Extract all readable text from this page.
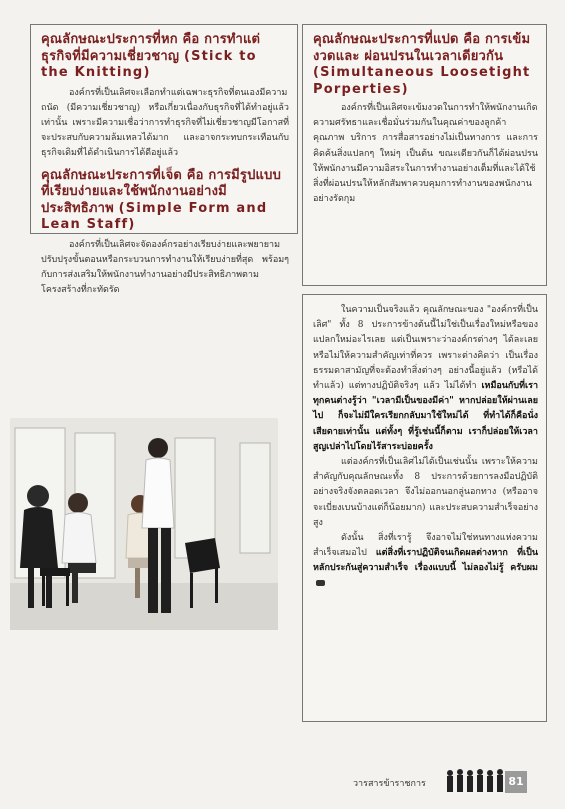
คุณลักษณะประการที่หก คือ การทำแต่ธุรกิจที่มีความเชี่ยวชาญ (Stick to the Knitting)

องค์กรที่เป็นเลิศจะเลือกทำแต่เฉพาะธุรกิจที่ตนเองมีความถนัด (มีความเชี่ยวชาญ) หรือเกี่ยวเนื่องกับธุรกิจที่ได้ทำอยู่แล้วเท่านั้น เพราะมีความเชื่อว่าการทำธุรกิจที่ไม่เชี่ยวชาญมีโอกาสที่จะประสบกับความล้มเหลวได้มาก และอาจกระทบกระเทือนกับธุรกิจเดิมที่ได้ดำเนินการได้ดีอยู่แล้ว

คุณลักษณะประการที่เจ็ด คือ การมีรูปแบบที่เรียบง่ายและใช้พนักงานอย่างมีประสิทธิภาพ (Simple Form and Lean Staff)

องค์กรที่เป็นเลิศจะจัดองค์กรอย่างเรียบง่ายและพยายามปรับปรุงขั้นตอนหรือกระบวนการทำงานให้เรียบง่ายที่สุด พร้อมๆ กับการส่งเสริมให้พนักงานทำงานอย่างมีประสิทธิภาพตามโครงสร้างที่กะทัดรัด

คุณลักษณะประการที่แปด คือ การเข้มงวดและ ผ่อนปรนในเวลาเดียวกัน (Simultaneous Loosetight Porperties)

องค์กรที่เป็นเลิศจะเข้มงวดในการทำให้พนักงานเกิดความศรัทธาและเชื่อมั่นร่วมกันในคุณค่าของลูกค้า คุณภาพ บริการ การสื่อสารอย่างไม่เป็นทางการ และการคิดค้นสิ่งแปลกๆ ใหม่ๆ เป็นต้น ขณะเดียวกันก็ได้ผ่อนปรนให้พนักงานมีความอิสระในการทำงานอย่างเต็มที่และได้ใช้สิ่งที่ผ่อนปรนให้หลักสัมพาควบคุมการทำงานของพนักงานอย่างรัดกุม

ในความเป็นจริงแล้ว คุณลักษณะของ "องค์กรที่เป็นเลิศ" ทั้ง 8 ประการข้างต้นนี้ไม่ใช่เป็นเรื่องใหม่หรือของแปลกใหม่อะไรเลย แต่เป็นเพราะว่าองค์กรต่างๆ ได้ละเลยหรือไม่ให้ความสำคัญเท่าที่ควร เพราะต่างคิดว่า เป็นเรื่องธรรมดาสามัญที่จะต้องทำสิ่งต่างๆ อย่างนี้อยู่แล้ว (หรือได้ทำแล้ว) แต่ทางปฏิบัติจริงๆ แล้ว ไม่ได้ทำ เหมือนกับที่เราทุกคนต่างรู้ว่า "เวลามีเป็นของมีค่า" หากปล่อยให้ผ่านเลยไป ก็จะไม่มีใครเรียกกลับมาใช้ใหม่ได้ ที่ทำได้ก็คือนั่งเสียดายเท่านั้น แต่ทั้งๆ ที่รู้เช่นนี้ก็ตาม เราก็ปล่อยให้เวลาสูญเปล่าไปโดยไร้สาระบ่อยครั้ง

แต่องค์กรที่เป็นเลิศไม่ได้เป็นเช่นนั้น เพราะให้ความสำคัญกับคุณลักษณะทั้ง 8 ประการด้วยการลงมือปฏิบัติอย่างจริงจังตลอดเวลา จึงไม่ออกนอกลู่นอกทาง (หรืออาจจะเบี่ยงเบนบ้างแต่ก็น้อยมาก) และประสบความสำเร็จอย่างสูง

ดังนั้น สิ่งที่เรารู้ จึงอาจไม่ใช่หนทางแห่งความสำเร็จเสมอไป แต่สิ่งที่เราปฏิบัติจนเกิดผลต่างหาก ที่เป็นหลักประกันสู่ความสำเร็จ เรื่องแบบนี้ ไม่ลองไม่รู้ ครับผม

วารสารข้าราชการ	81
